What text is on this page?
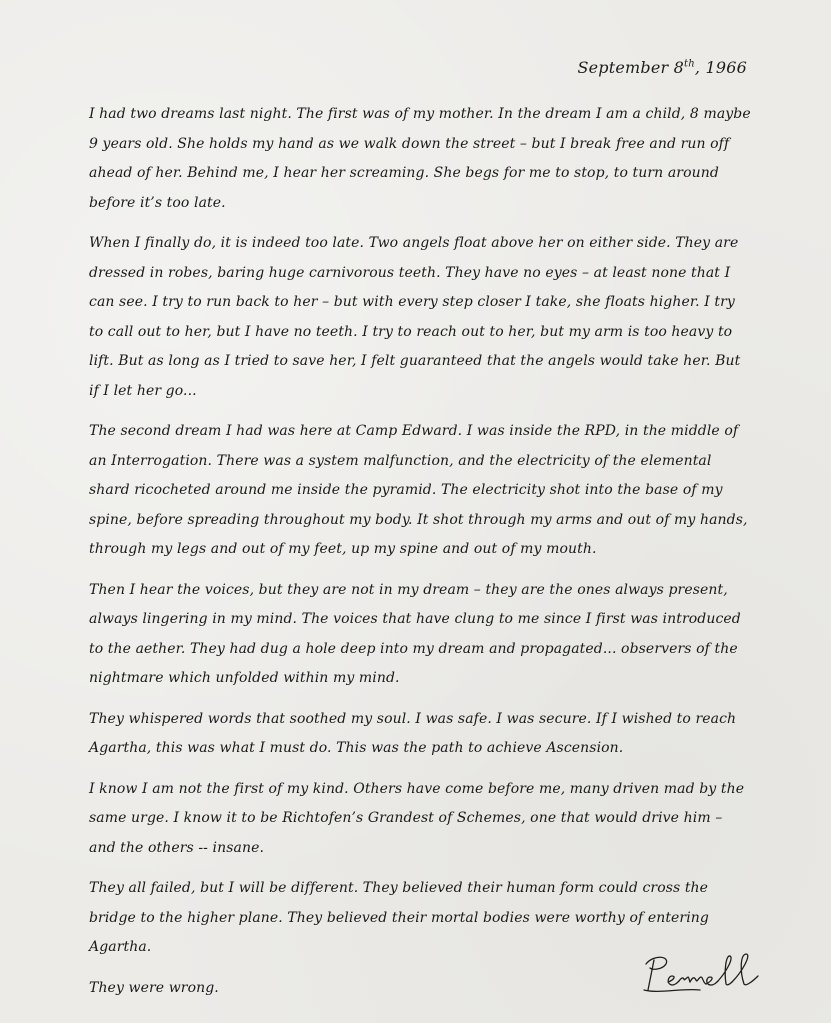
September 8th, 1966

I had two dreams last night. The first was of my mother. In the dream I am a child, 8 maybe 9 years old. She holds my hand as we walk down the street – but I break free and run off ahead of her. Behind me, I hear her screaming. She begs for me to stop, to turn around before it’s too late.

When I finally do, it is indeed too late. Two angels float above her on either side. They are dressed in robes, baring huge carnivorous teeth. They have no eyes – at least none that I can see. I try to run back to her – but with every step closer I take, she floats higher. I try to call out to her, but I have no teeth. I try to reach out to her, but my arm is too heavy to lift. But as long as I tried to save her, I felt guaranteed that the angels would take her. But if I let her go...

The second dream I had was here at Camp Edward. I was inside the RPD, in the middle of an Interrogation. There was a system malfunction, and the electricity of the elemental shard ricocheted around me inside the pyramid. The electricity shot into the base of my spine, before spreading throughout my body. It shot through my arms and out of my hands, through my legs and out of my feet, up my spine and out of my mouth.

Then I hear the voices, but they are not in my dream – they are the ones always present, always lingering in my mind. The voices that have clung to me since I first was introduced to the aether. They had dug a hole deep into my dream and propagated... observers of the nightmare which unfolded within my mind.

They whispered words that soothed my soul. I was safe. I was secure. If I wished to reach Agartha, this was what I must do. This was the path to achieve Ascension.

I know I am not the first of my kind. Others have come before me, many driven mad by the same urge. I know it to be Richtofen’s Grandest of Schemes, one that would drive him – and the others -- insane.

They all failed, but I will be different. They believed their human form could cross the bridge to the higher plane. They believed their mortal bodies were worthy of entering Agartha.

They were wrong.
